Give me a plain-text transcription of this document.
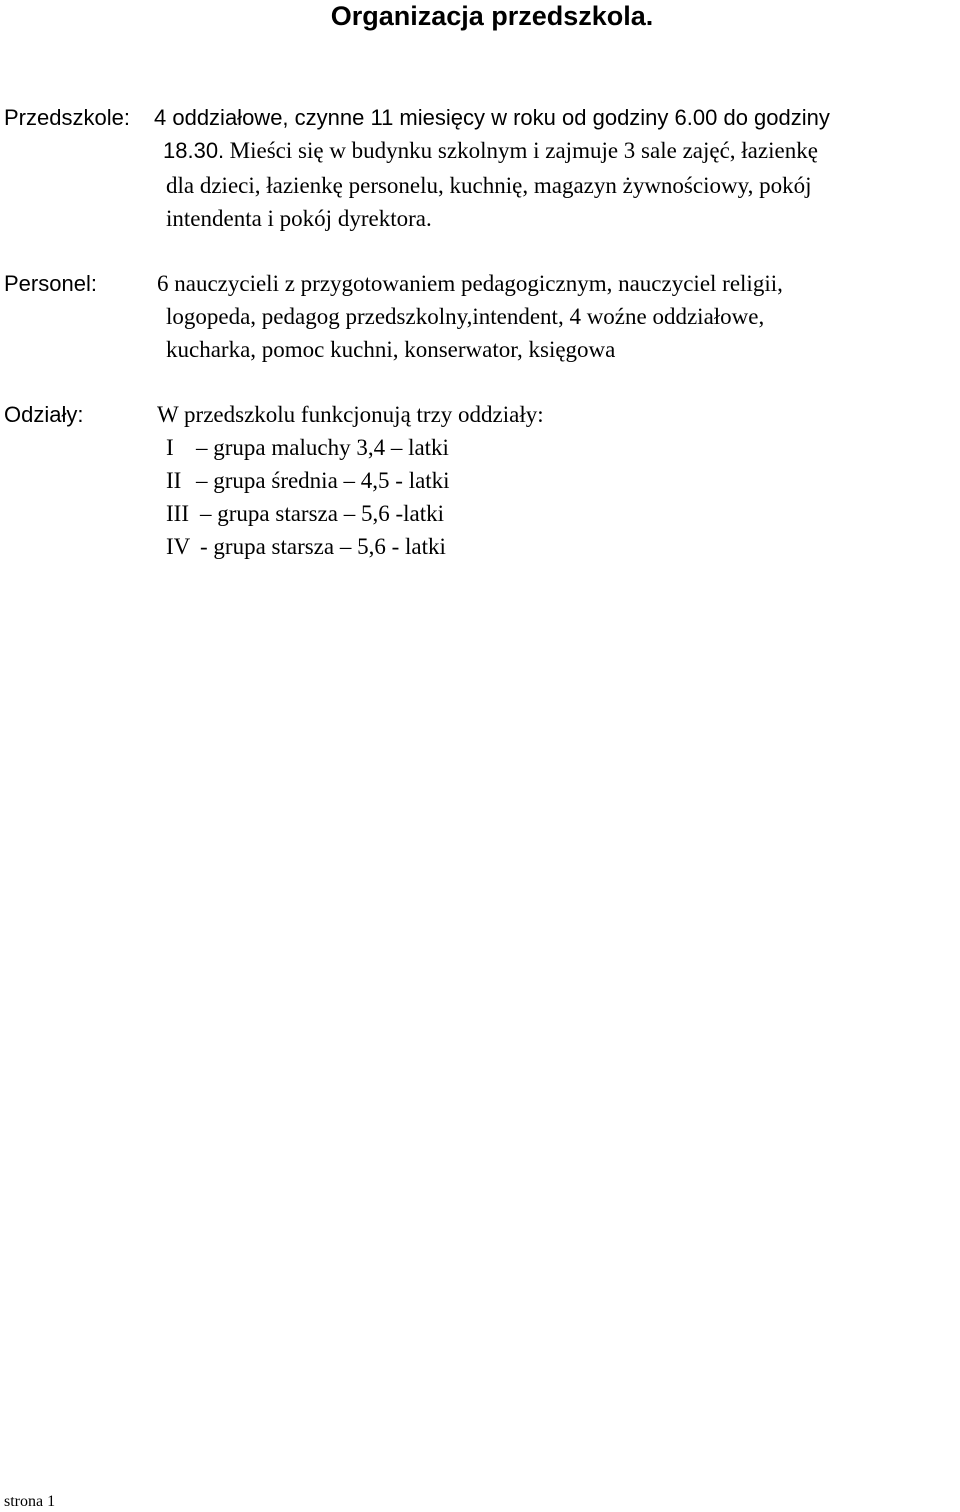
Organizacja przedszkola.
Przedszkole: 4 oddziałowe, czynne 11 miesięcy w roku od godziny 6.00 do godziny
18.30. Mieści się w budynku szkolnym i zajmuje 3 sale zajęć, łazienkę
dla dzieci, łazienkę personelu, kuchnię, magazyn żywnościowy, pokój
intendenta i pokój dyrektora.
Personel:	6 nauczycieli z przygotowaniem pedagogicznym, nauczyciel religii,
logopeda, pedagog przedszkolny,intendent, 4 woźne oddziałowe,
kucharka, pomoc kuchni, konserwator, księgowa
Odziały:	W przedszkolu funkcjonują trzy oddziały:
I – grupa maluchy 3,4 – latki
II – grupa średnia – 4,5 - latki
III – grupa starsza – 5,6 -latki
IV - grupa starsza – 5,6 - latki
strona 1
